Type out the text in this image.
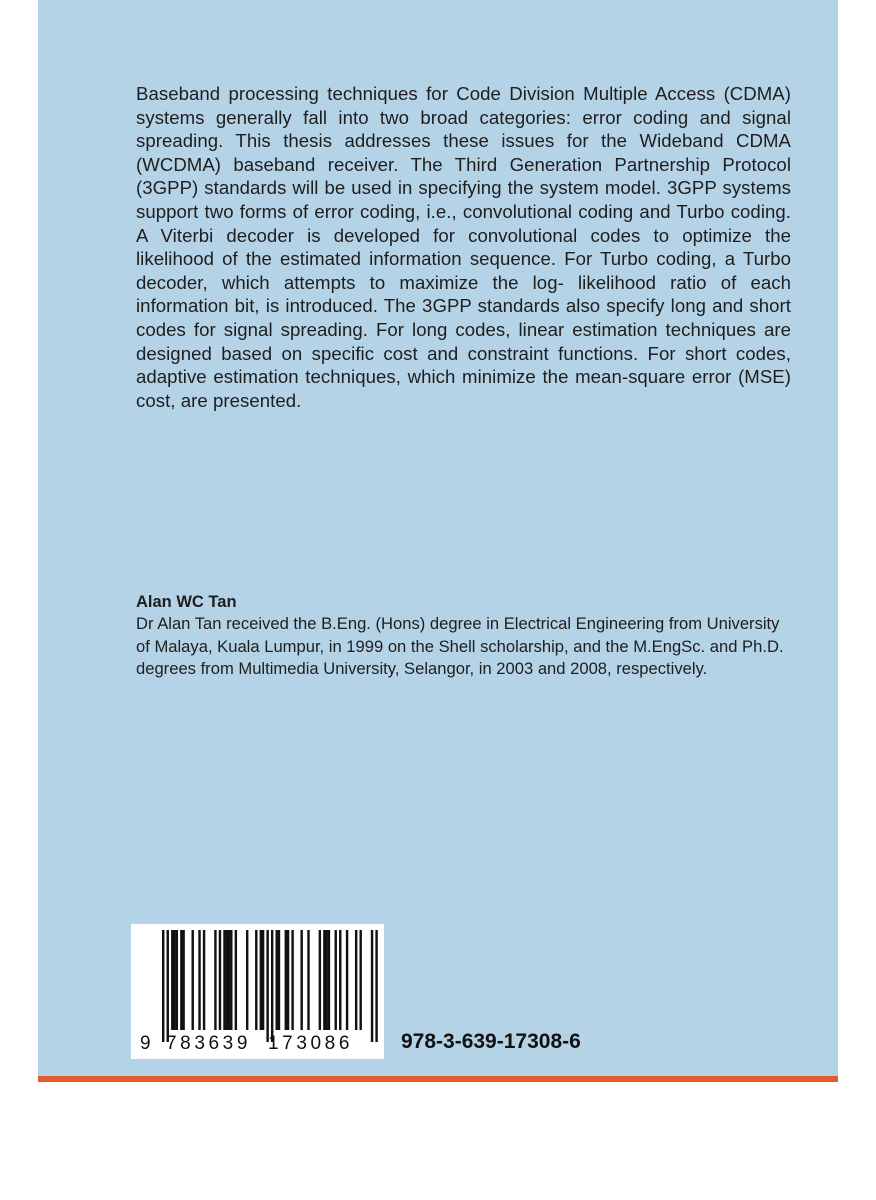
Baseband processing techniques for Code Division Multiple Access (CDMA) systems generally fall into two broad categories: error coding and signal spreading. This thesis addresses these issues for the Wideband CDMA (WCDMA) baseband receiver. The Third Generation Partnership Protocol (3GPP) standards will be used in specifying the system model. 3GPP systems support two forms of error coding, i.e., convolutional coding and Turbo coding. A Viterbi decoder is developed for convolutional codes to optimize the likelihood of the estimated information sequence. For Turbo coding, a Turbo decoder, which attempts to maximize the log- likelihood ratio of each information bit, is introduced. The 3GPP standards also specify long and short codes for signal spreading. For long codes, linear estimation techniques are designed based on specific cost and constraint functions. For short codes, adaptive estimation techniques, which minimize the mean-square error (MSE) cost, are presented.

Alan WC Tan

Dr Alan Tan received the B.Eng. (Hons) degree in Electrical Engineering from University of Malaya, Kuala Lumpur, in 1999 on the Shell scholarship, and the M.EngSc. and Ph.D. degrees from Multimedia University, Selangor, in 2003 and 2008, respectively.

9 783639 173086 978-3-639-17308-6
